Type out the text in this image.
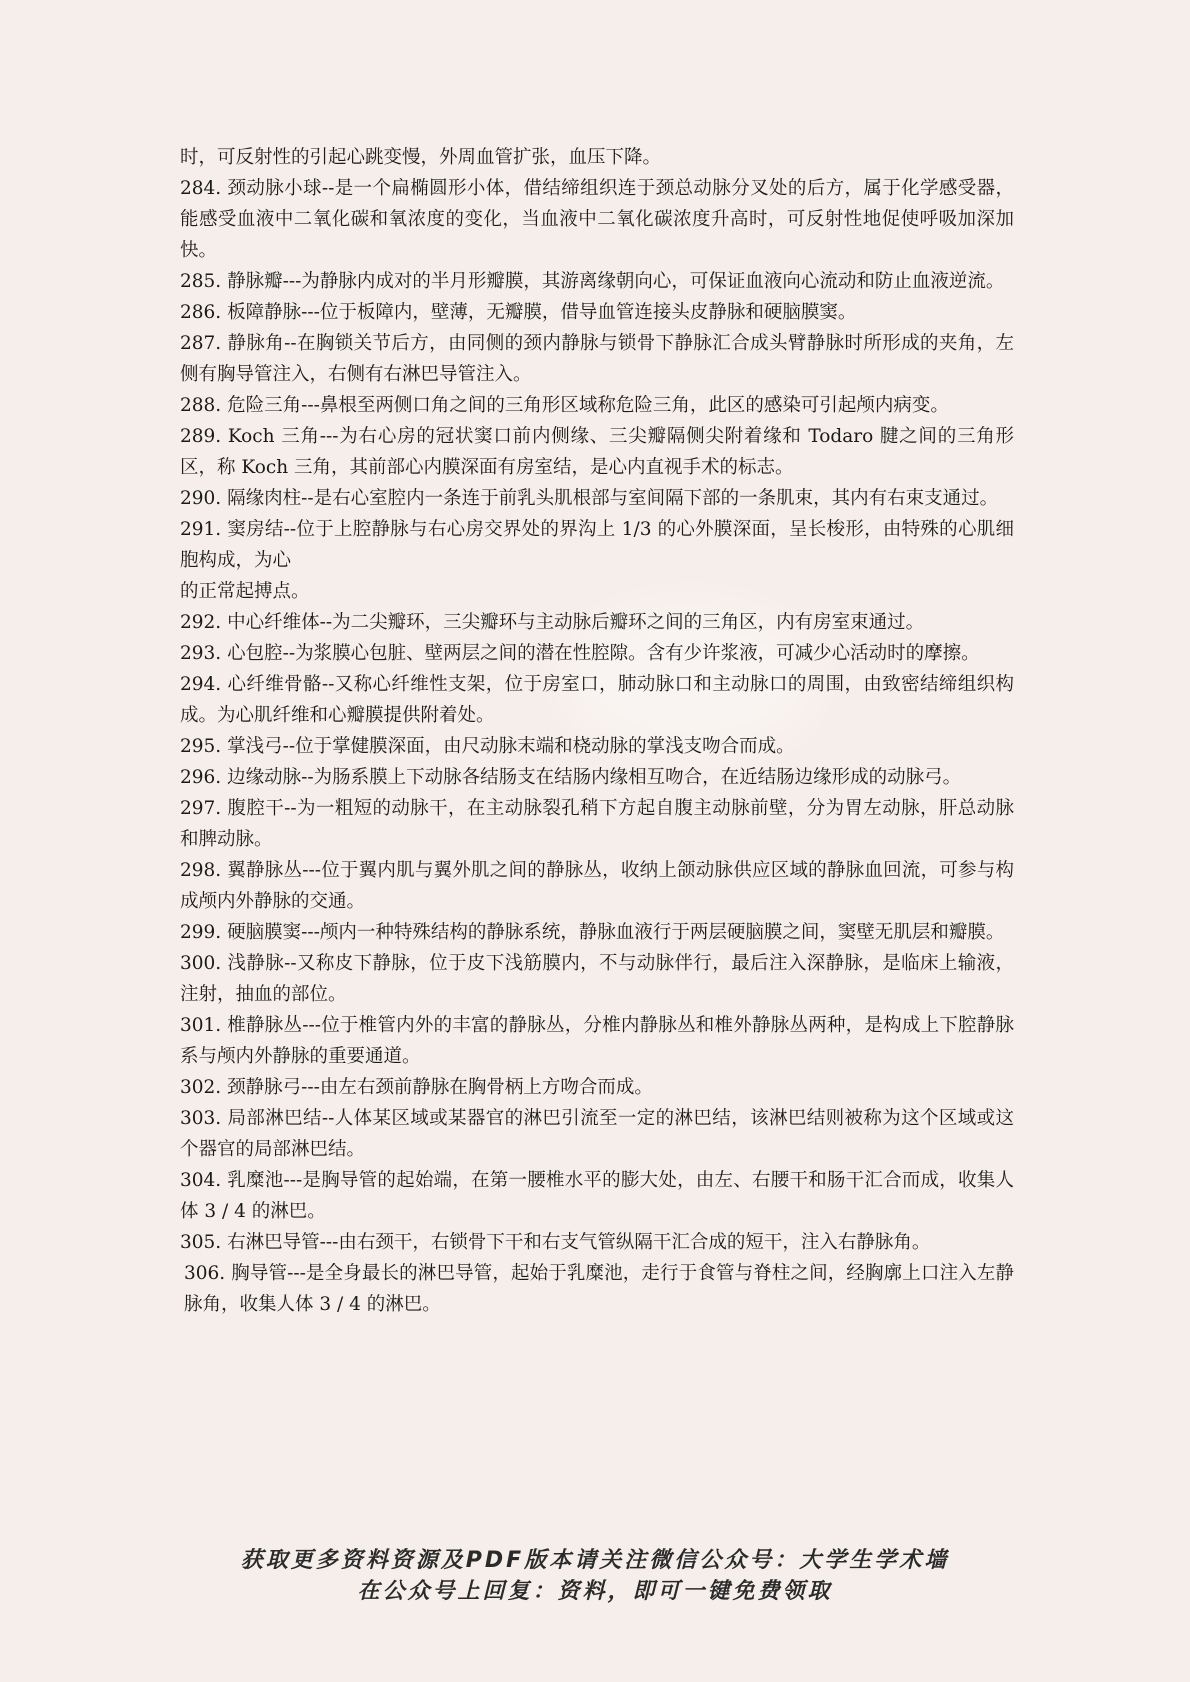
时，可反射性的引起心跳变慢，外周血管扩张，血压下降。

284. 颈动脉小球--是一个扁椭圆形小体，借结缔组织连于颈总动脉分叉处的后方，属于化学感受器，能感受血液中二氧化碳和氧浓度的变化，当血液中二氧化碳浓度升高时，可反射性地促使呼吸加深加快。

285. 静脉瓣---为静脉内成对的半月形瓣膜，其游离缘朝向心，可保证血液向心流动和防止血液逆流。

286. 板障静脉---位于板障内，壁薄，无瓣膜，借导血管连接头皮静脉和硬脑膜窦。

287. 静脉角--在胸锁关节后方，由同侧的颈内静脉与锁骨下静脉汇合成头臂静脉时所形成的夹角，左侧有胸导管注入，右侧有右淋巴导管注入。

288. 危险三角---鼻根至两侧口角之间的三角形区域称危险三角，此区的感染可引起颅内病变。

289. Koch 三角---为右心房的冠状窦口前内侧缘、三尖瓣隔侧尖附着缘和 Todaro 腱之间的三角形区，称 Koch 三角，其前部心内膜深面有房室结，是心内直视手术的标志。

290. 隔缘肉柱--是右心室腔内一条连于前乳头肌根部与室间隔下部的一条肌束，其内有右束支通过。

291. 窦房结--位于上腔静脉与右心房交界处的界沟上 1/3 的心外膜深面，呈长梭形，由特殊的心肌细胞构成，为心

的正常起搏点。

292. 中心纤维体--为二尖瓣环，三尖瓣环与主动脉后瓣环之间的三角区，内有房室束通过。

293. 心包腔--为浆膜心包脏、壁两层之间的潜在性腔隙。含有少许浆液，可减少心活动时的摩擦。

294. 心纤维骨骼--又称心纤维性支架，位于房室口，肺动脉口和主动脉口的周围，由致密结缔组织构成。为心肌纤维和心瓣膜提供附着处。

295. 掌浅弓--位于掌健膜深面，由尺动脉末端和桡动脉的掌浅支吻合而成。

296. 边缘动脉--为肠系膜上下动脉各结肠支在结肠内缘相互吻合，在近结肠边缘形成的动脉弓。

297. 腹腔干--为一粗短的动脉干，在主动脉裂孔稍下方起自腹主动脉前壁，分为胃左动脉，肝总动脉和脾动脉。

298. 翼静脉丛---位于翼内肌与翼外肌之间的静脉丛，收纳上颌动脉供应区域的静脉血回流，可参与构成颅内外静脉的交通。

299. 硬脑膜窦---颅内一种特殊结构的静脉系统，静脉血液行于两层硬脑膜之间，窦壁无肌层和瓣膜。

300. 浅静脉--又称皮下静脉，位于皮下浅筋膜内，不与动脉伴行，最后注入深静脉，是临床上输液，注射，抽血的部位。

301. 椎静脉丛---位于椎管内外的丰富的静脉丛，分椎内静脉丛和椎外静脉丛两种，是构成上下腔静脉系与颅内外静脉的重要通道。

302. 颈静脉弓---由左右颈前静脉在胸骨柄上方吻合而成。

303. 局部淋巴结--人体某区域或某器官的淋巴引流至一定的淋巴结，该淋巴结则被称为这个区域或这个器官的局部淋巴结。

304. 乳糜池---是胸导管的起始端，在第一腰椎水平的膨大处，由左、右腰干和肠干汇合而成，收集人体 3 / 4 的淋巴。

305. 右淋巴导管---由右颈干，右锁骨下干和右支气管纵隔干汇合成的短干，注入右静脉角。

306. 胸导管---是全身最长的淋巴导管，起始于乳糜池，走行于食管与脊柱之间，经胸廓上口注入左静脉角，收集人体 3 / 4 的淋巴。

获取更多资料资源及PDF版本请关注微信公众号：大学生学术墙
在公众号上回复：资料，即可一键免费领取
